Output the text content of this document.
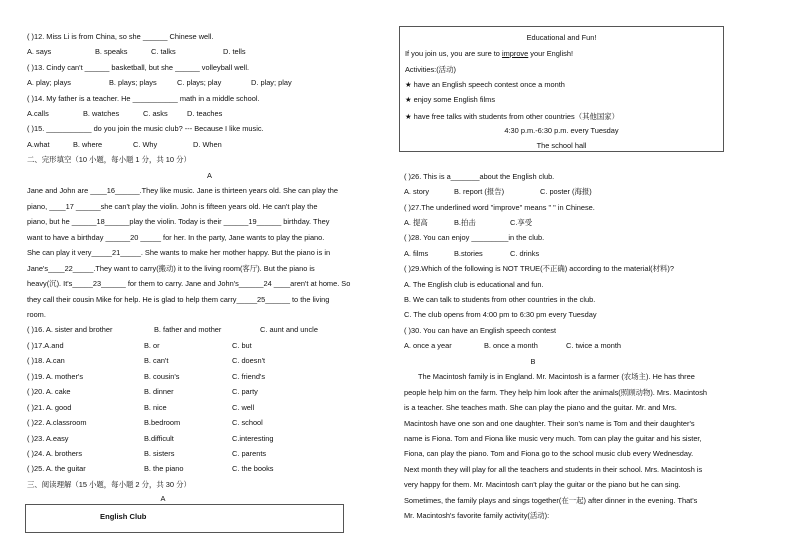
( )12. Miss Li is from China, so she ______ Chinese well.
A. says	B. speaks	C. talks	D. tells
( )13. Cindy can't ______ basketball, but she ______ volleyball well.
A. play; plays	B. plays; plays	C. plays; play	D. play; play
( )14. My father is a teacher. He ___________ math in a middle school.
A.calls	B. watches	C. asks	D. teaches
( )15. ___________ do you join the music club? --- Because I like music.
A.what	B. where	C. Why	D. When
二、完形填空（10 小题，每小题 1 分，共 10 分）
A
Jane and John are ____16______.They like music. Jane is thirteen years old. She can play the
piano, ____17 ______she can't play the violin. John is fifteen years old. He can't play the
piano, but he ______18______play the violin. Today is their ______19______ birthday. They
want to have a birthday ______20 _____ for her. In the party, Jane wants to play the piano.
She can play it very_____21_____. She wants to make her mother happy. But the piano is in
Jane's____22_____.They want to carry(搬动) it to the living room(客厅). But the piano is
heavy(沉). It's_____23______ for them to carry. Jane and John's______24 ____aren't at home. So
they call their cousin Mike for help. He is glad to help them carry_____25______ to the living
room.
( )16. A. sister and brother	B. father and mother	C. aunt and uncle
( )17.A.and	B. or	C. but
( )18. A.can	B. can't	C. doesn't
( )19. A. mother's	B. cousin's	C. friend's
( )20. A. cake	B. dinner	C. party
( )21. A. good	B. nice	C. well
( )22. A.classroom	B.bedroom	C. school
( )23. A.easy	B.difficult	C.interesting
( )24. A. brothers	B. sisters	C. parents
( )25. A. the guitar	B. the piano	C. the books
三、阅读理解（15 小题，每小题 2 分，共 30 分）
A
English Club
Educational and Fun!
If you join us, you are sure to improve your English!
Activities:(活动)
★ have an English speech contest once a month
★ enjoy some English films
★ have free talks with students from other countries（其他国家）
4:30 p.m.-6:30 p.m. every Tuesday
The school hall
( )26. This is a_______about the English club.
A. story	B. report (报告)	C. poster (海报)
( )27.The underlined word "improve" means " " in Chinese.
A. 提高	B.拍击	C.享受
( )28. You can enjoy _________in the club.
A. films	B.stories	C. drinks
( )29.Which of the following is NOT TRUE(不正确) according to the material(材料)?
A. The English club is educational and fun.
B. We can talk to students from other countries in the club.
C. The club opens from 4:00 pm to 6:30 pm every Tuesday
( )30. You can have an English speech contest
A. once a year	B. once a month	C. twice a month
B
The Macintosh family is in England. Mr. Macintosh is a farmer (农场主). He has three
people help him on the farm. They help him look after the animals(照顾动物). Mrs. Macintosh
is a teacher. She teaches math. She can play the piano and the guitar. Mr. and Mrs.
Macintosh have one son and one daughter. Their son's name is Tom and their daughter's
name is Fiona. Tom and Fiona like music very much. Tom can play the guitar and his sister,
Fiona, can play the piano. Tom and Fiona go to the school music club every Wednesday.
Next month they will play for all the teachers and students in their school. Mrs. Macintosh is
very happy for them. Mr. Macintosh can't play the guitar or the piano but he can sing.
Sometimes, the family plays and sings together(在一起) after dinner in the evening. That's
Mr. Macintosh's favorite family activity(活动):
